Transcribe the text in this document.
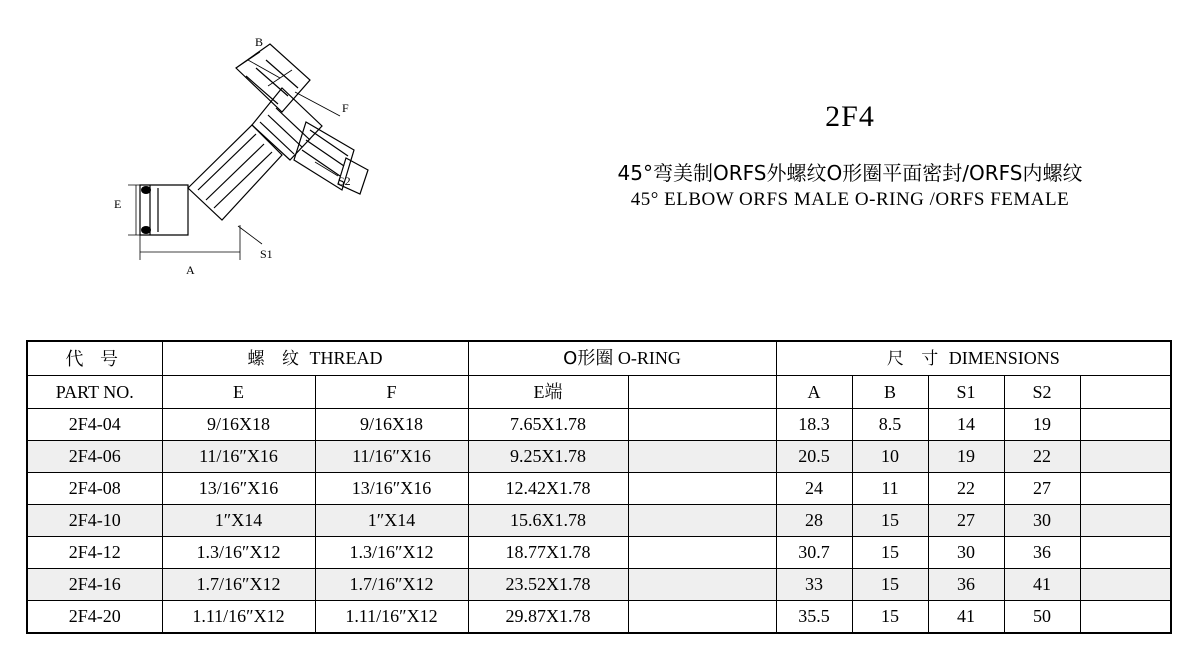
A
E
B
F
S1
S2
2F4
45°弯美制ORFS外螺纹O形圈平面密封/ORFS内螺纹
45° ELBOW ORFS MALE O-RING /ORFS FEMALE
代 号	螺 纹 THREAD		O形圈 O-RING		尺 寸 DIMENSIONS				
PART NO.	E	F	E端		A	B	S1	S2	
2F4-04	9/16X18	9/16X18	7.65X1.78		18.3	8.5	14	19	
2F4-06	11/16″X16	11/16″X16	9.25X1.78		20.5	10	19	22	
2F4-08	13/16″X16	13/16″X16	12.42X1.78		24	11	22	27	
2F4-10	1″X14	1″X14	15.6X1.78		28	15	27	30	
2F4-12	1.3/16″X12	1.3/16″X12	18.77X1.78		30.7	15	30	36	
2F4-16	1.7/16″X12	1.7/16″X12	23.52X1.78		33	15	36	41	
2F4-20	1.11/16″X12	1.11/16″X12	29.87X1.78		35.5	15	41	50	
